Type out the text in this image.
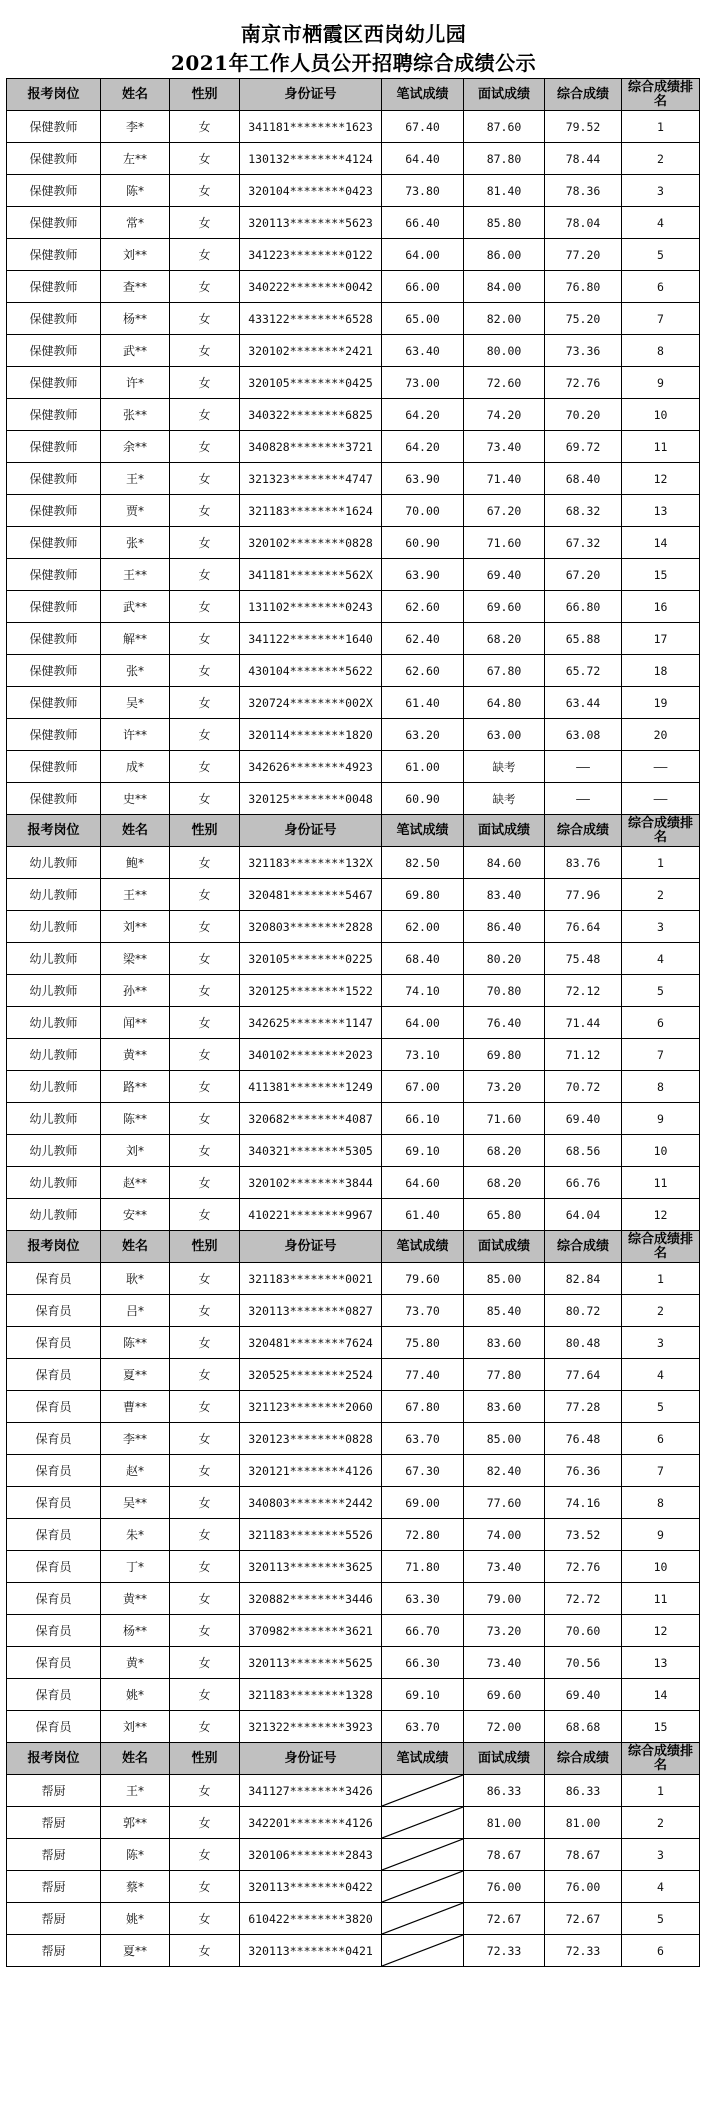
南京市栖霞区西岗幼儿园
2021年工作人员公开招聘综合成绩公示
报考岗位	姓名	性别	身份证号	笔试成绩	面试成绩	综合成绩	综合成绩排名
保健教师	李*	女	341181********1623	67.40	87.60	79.52	1
保健教师	左**	女	130132********4124	64.40	87.80	78.44	2
保健教师	陈*	女	320104********0423	73.80	81.40	78.36	3
保健教师	常*	女	320113********5623	66.40	85.80	78.04	4
保健教师	刘**	女	341223********0122	64.00	86.00	77.20	5
保健教师	查**	女	340222********0042	66.00	84.00	76.80	6
保健教师	杨**	女	433122********6528	65.00	82.00	75.20	7
保健教师	武**	女	320102********2421	63.40	80.00	73.36	8
保健教师	许*	女	320105********0425	73.00	72.60	72.76	9
保健教师	张**	女	340322********6825	64.20	74.20	70.20	10
保健教师	余**	女	340828********3721	64.20	73.40	69.72	11
保健教师	王*	女	321323********4747	63.90	71.40	68.40	12
保健教师	贾*	女	321183********1624	70.00	67.20	68.32	13
保健教师	张*	女	320102********0828	60.90	71.60	67.32	14
保健教师	王**	女	341181********562X	63.90	69.40	67.20	15
保健教师	武**	女	131102********0243	62.60	69.60	66.80	16
保健教师	解**	女	341122********1640	62.40	68.20	65.88	17
保健教师	张*	女	430104********5622	62.60	67.80	65.72	18
保健教师	吴*	女	320724********002X	61.40	64.80	63.44	19
保健教师	许**	女	320114********1820	63.20	63.00	63.08	20
保健教师	成*	女	342626********4923	61.00	缺考	——	——
保健教师	史**	女	320125********0048	60.90	缺考	——	——
报考岗位	姓名	性别	身份证号	笔试成绩	面试成绩	综合成绩	综合成绩排名
幼儿教师	鲍*	女	321183********132X	82.50	84.60	83.76	1
幼儿教师	王**	女	320481********5467	69.80	83.40	77.96	2
幼儿教师	刘**	女	320803********2828	62.00	86.40	76.64	3
幼儿教师	梁**	女	320105********0225	68.40	80.20	75.48	4
幼儿教师	孙**	女	320125********1522	74.10	70.80	72.12	5
幼儿教师	闻**	女	342625********1147	64.00	76.40	71.44	6
幼儿教师	黄**	女	340102********2023	73.10	69.80	71.12	7
幼儿教师	路**	女	411381********1249	67.00	73.20	70.72	8
幼儿教师	陈**	女	320682********4087	66.10	71.60	69.40	9
幼儿教师	刘*	女	340321********5305	69.10	68.20	68.56	10
幼儿教师	赵**	女	320102********3844	64.60	68.20	66.76	11
幼儿教师	安**	女	410221********9967	61.40	65.80	64.04	12
报考岗位	姓名	性别	身份证号	笔试成绩	面试成绩	综合成绩	综合成绩排名
保育员	耿*	女	321183********0021	79.60	85.00	82.84	1
保育员	吕*	女	320113********0827	73.70	85.40	80.72	2
保育员	陈**	女	320481********7624	75.80	83.60	80.48	3
保育员	夏**	女	320525********2524	77.40	77.80	77.64	4
保育员	曹**	女	321123********2060	67.80	83.60	77.28	5
保育员	李**	女	320123********0828	63.70	85.00	76.48	6
保育员	赵*	女	320121********4126	67.30	82.40	76.36	7
保育员	吴**	女	340803********2442	69.00	77.60	74.16	8
保育员	朱*	女	321183********5526	72.80	74.00	73.52	9
保育员	丁*	女	320113********3625	71.80	73.40	72.76	10
保育员	黄**	女	320882********3446	63.30	79.00	72.72	11
保育员	杨**	女	370982********3621	66.70	73.20	70.60	12
保育员	黄*	女	320113********5625	66.30	73.40	70.56	13
保育员	姚*	女	321183********1328	69.10	69.60	69.40	14
保育员	刘**	女	321322********3923	63.70	72.00	68.68	15
报考岗位	姓名	性别	身份证号	笔试成绩	面试成绩	综合成绩	综合成绩排名
帮厨	王*	女	341127********3426		86.33	86.33	1
帮厨	郭**	女	342201********4126		81.00	81.00	2
帮厨	陈*	女	320106********2843		78.67	78.67	3
帮厨	蔡*	女	320113********0422		76.00	76.00	4
帮厨	姚*	女	610422********3820		72.67	72.67	5
帮厨	夏**	女	320113********0421		72.33	72.33	6
